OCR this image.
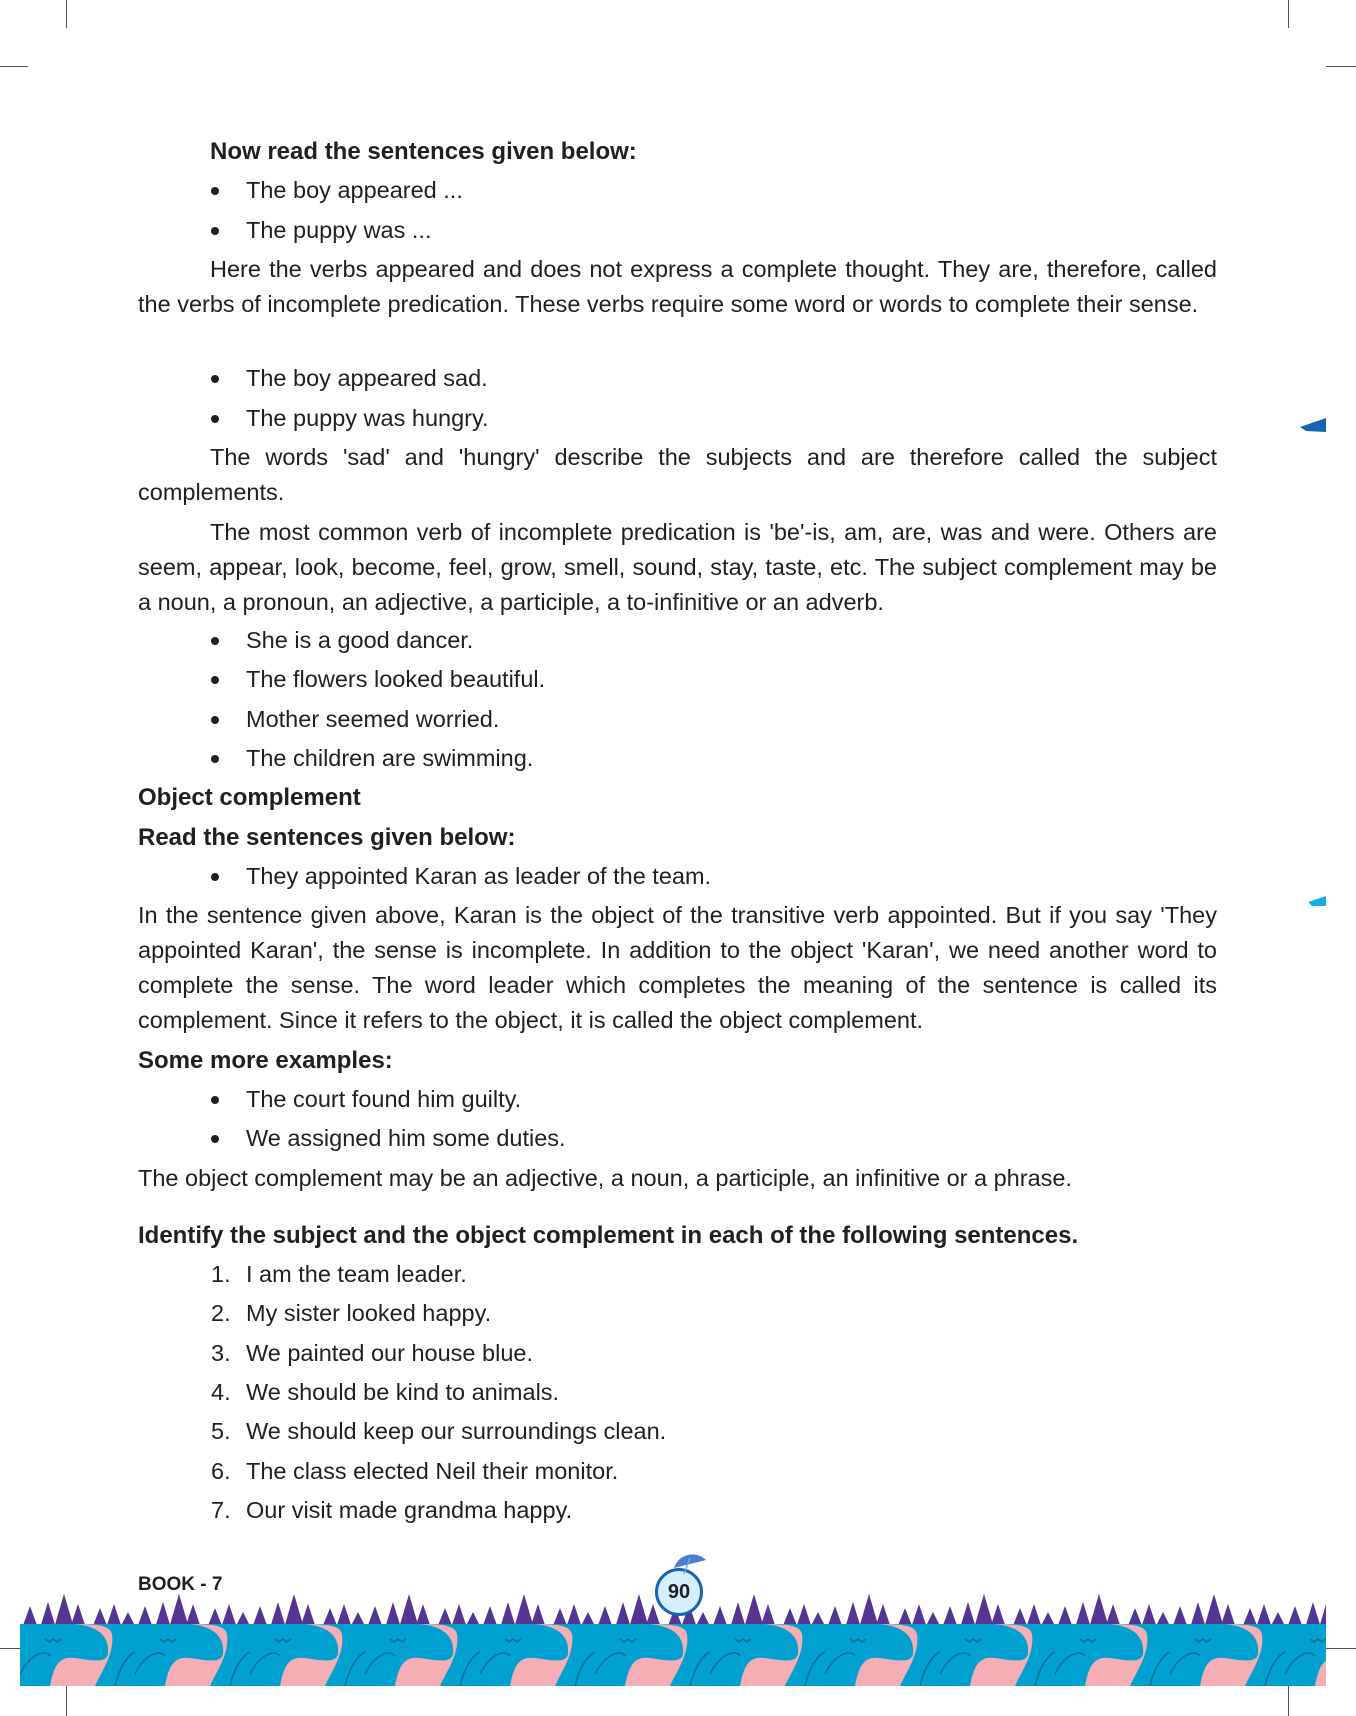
Now read the sentences given below:
The boy appeared ...
The puppy was ...
Here the verbs appeared and does not express a complete thought. They are, therefore, called the verbs of incomplete predication. These verbs require some word or words to complete their sense.
The boy appeared sad.
The puppy was hungry.
The words 'sad' and 'hungry' describe the subjects and are therefore called the subject complements.
The most common verb of incomplete predication is 'be'-is, am, are, was and were. Others are seem, appear, look, become, feel, grow, smell, sound, stay, taste, etc. The subject complement may be a noun, a pronoun, an adjective, a participle, a to-infinitive or an adverb.
She is a good dancer.
The flowers looked beautiful.
Mother seemed worried.
The children are swimming.
Object complement
Read the sentences given below:
They appointed Karan as leader of the team.
In the sentence given above, Karan is the object of the transitive verb appointed. But if you say 'They appointed Karan', the sense is incomplete. In addition to the object 'Karan', we need another word to complete the sense. The word leader which completes the meaning of the sentence is called its complement. Since it refers to the object, it is called the object complement.
Some more examples:
The court found him guilty.
We assigned him some duties.
The object complement may be an adjective, a noun, a participle, an infinitive or a phrase.
Identify the subject and the object complement in each of the following sentences.
1. I am the team leader.
2. My sister looked happy.
3. We painted our house blue.
4. We should be kind to animals.
5. We should keep our surroundings clean.
6. The class elected Neil their monitor.
7. Our visit made grandma happy.
BOOK - 7	90
